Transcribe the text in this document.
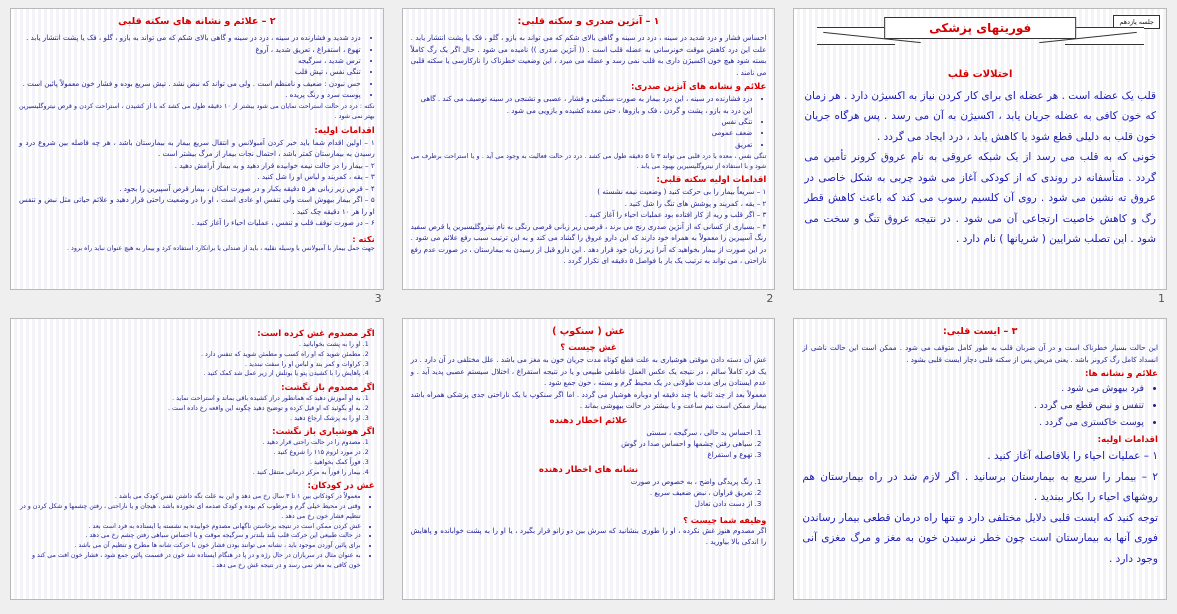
جلسه یازدهم
فوریتهای پزشکی
اختلالات قلب

قلب یک عضله است . هر عضله ای برای کار کردن نیاز به اکسیژن دارد . هر زمان که خون کافی به عضله جریان یابد ، اکسیژن به آن می رسد . پس هرگاه جریان خون قلب به دلیلی قطع شود یا کاهش یابد ، درد ایجاد می گردد .

خونی که به قلب می رسد از یک شبکه عروقی به نام عروق کرونر تأمین می گردد . متأسفانه در روندی که از کودکی آغاز می شود چربی به شکل خاصی در عروق ته نشین می شود . روی آن کلسیم رسوب می کند که باعث کاهش قطر رگ و کاهش خاصیت ارتجاعی آن می شود . در نتیجه عروق تنگ و سخت می شود . این تصلب شرایین ( شریانها ) نام دارد .

1
۱ – آنژین صدری و سکته قلبی:

احساس فشار و درد شدید در سینه ، درد در سینه و گاهی بالای شکم که می تواند به بازو ، گلو ، فک یا پشت انتشار یابد . علت این درد کاهش موقت خونرسانی به عضله قلب است . (( آنژین صدری )) نامیده می شود . حال اگر یک رگ کاملاً بسته شود هیچ خون اکسیژن داری به قلب نمی رسد و عضله می میرد ، این وضعیت خطرناک را نارکارسی یا سکته قلبی می نامند .

علائم و نشانه های آنژین صدری:
• درد فشارنده در سینه ، این درد بیمار به صورت سنگینی و فشار ، عصبی و تشنجی در سینه توصیف می کند . گاهی این درد به بازو ، پشت و گردن ، فک و بازوها ، حتی معده کشیده و بازویی می شود .
• تنگی نفس
• ضعف عمومی
• تعریق

تنگی نفس ، معده یا درد قلبی می تواند ۳ تا ۵ دقیقه طول می کشد . درد در حالت فعالیت به وجود می آید . و با استراحت برطرف می شود و با استفاده از نیتروگلیسیرین بهبود می یابد .

اقدامات اولیه سکته قلبی:

۱ – سریعاً بیمار را بی حرکت کنید ( وضعیت نیمه نشسته )

۲ – یقه ، کمربند و پوشش های تنگ را شل کنید .

۳ – اگر قلب و ریه از کار افتاده بود عملیات احیاء را آغاز کنید .

۴ – بسیاری از کسانی که از آنژین صدری رنج می برند ، قرصی زیر زبانی قرصی رنگی به نام نیتروگلیسیرین یا قرص سفید رنگ آسپیرین را معمولاً به همراه خود دارند که این دارو عروق را گشاد می کند و به این ترتیب سبب رفع علائم می شود . در این صورت از بیمار بخواهید که آنرا زیر زبان خود قرار دهد . این دارو قبل از رسیدن به بیمارستان ، در صورت عدم رفع ناراحتی ، می تواند به ترتیب یک بار با فواصل ۵ دقیقه ای تکرار گردد .

2
۲ – علائم و نشانه های سکته قلبی
• درد شدید و فشارنده در سینه ، درد در سینه و گاهی بالای شکم که می تواند به بازو ، گلو ، فک یا پشت انتشار یابد .
• تهوع ، استفراغ ، تعریق شدید ، آروغ
• ترس شدید ، سرگیجه
• تنگی نفس ، تپش قلب
• حس نبودن : ضعیف و نامنظم است . ولی می تواند که نبض نشد . تپش سریع بوده و فشار خون معمولاً پائین است .
• پوست سرد و رنگ پریده .

نکته : درد در حالت استراحت نمایان می شود بیشتر از ۱۰ دقیقه طول می کشد که با از کشیدن ، استراحت کردن و قرص نیتروگلیسیرین بهتر نمی شود .

اقدامات اولیه:

۱ – اولین اقدام شما باید خبر کردن آمبولانس و انتقال سریع بیمار به بیمارستان باشد ، هر چه فاصله بین شروع درد و رسیدن به بیمارستان کمتر باشد ، احتمال نجات بیمار از مرگ بیشتر است .

۲ – بیمار را در حالت نیمه خوابیده قرار دهید و به بیمار آرامش دهید .

۳ – یقه ، کمربند و لباس او را شل کنید .

۴ – قرص زیر زبانی هر ۵ دقیقه یکبار و در صورت امکان ، بیمار قرص آسپیرین را بجود .

۵ – اگر بیمار بیهوش است ولی تنفس او عادی است ، او را در وضعیت راحتی قرار دهید و علائم حیاتی مثل نبض و تنفس او را هر ۱۰ دقیقه چک کنید .

۶ – در صورت توقف قلب و تنفس ، عملیات احیاء را آغاز کنید .

نکته :

جهت حمل بیمار با آمبولانس با وسیله نقلیه ، باید از صندلی یا برانکارد استفاده کرد و بیمار به هیچ عنوان نباید راه برود .

3
۳ – ایست قلبی:

این حالت بسیار خطرناک است و در آن ضربان قلب به طور کامل متوقف می شود . ممکن است این حالت ناشی از انسداد کامل رگ کرونر باشد . یعنی مریض پس از سکته قلبی دچار ایست قلبی بشود .

علائم و نشانه ها:
• فرد بیهوش می شود .
• تنفس و نبض قطع می گردد .
• پوست خاکستری می گردد .
اقدامات اولیه:

۱ – عملیات احیاء را بلافاصله آغاز کنید .

۲ – بیمار را سریع به بیمارستان برسانید . اگر لازم شد در راه بیمارستان هم روشهای احیاء را بکار ببندید .

توجه کنید که ایست قلبی دلایل مختلفی دارد و تنها راه درمان قطعی بیمار رساندن فوری آنها به بیمارستان است چون خطر نرسیدن خون به مغز و مرگ مغزی آنی وجود دارد .

غش ( سنکوپ )
غش چیست ؟

غش آن دسته دادن موقتی هوشیاری به علت قطع کوتاه مدت جریان خون به مغز می باشد . علل مختلفی در آن دارد . در یک فرد کاملاً سالم ، در نتیجه یک عکس العمل عاطفی طبیعی و یا در نتیجه استفراغ ، اختلال سیستم عصبی پدید آید . و عدم ایستادن برای مدت طولانی در یک محیط گرم و بسته ، خون جمع شود .

معمولاً بعد از چند ثانیه یا چند دقیقه او دوباره هوشیار می گردد . اما اگر سنکوپ با یک ناراحتی جدی پزشکی همراه باشد بیمار ممکن است نیم ساعت و یا بیشتر در حالت بیهوشی بماند .

علائم اخطار دهنده
1. احساس بد حالی ، سرگیجه ، سستی
2. سیاهی رفتن چشمها و احساس صدا در گوش
3. تهوع و استفراغ
نشانه های اخطار دهنده
1. رنگ پریدگی واضح ، به خصوص در صورت
2. تعریق فراوان ، نبض ضعیف سریع .
3. از دست دادن تعادل
وظیفه شما چیست ؟

اگر مصدوم هنوز غش نکرده ، او را طوری بنشانید که سرش بین دو زانو قرار بگیرد ، یا او را به پشت خوابانده و پاهایش را اندکی بالا بیاورید .

اگر مصدوم غش کرده است:
1. او را به پشت بخوابانید .
2. مطمئن شوید که او راه کسب و مطمئن شوید که تنفس دارد .
3. کراوات و کمر بند و لباس او را سفت نبندید .
4. پاهایش را با کشیدن پتو یا بوتلش از زیر عمل شد کمک کنید .
اگر مصدوم باز نگشت:
1. به او آموزش دهید که همانطور دراز کشیده باقی بماند و استراحت نماید .
2. به او بگوئید که او قبل کرده و توضیح دهید چگونه این واقعه رخ داده است .
3. او را به پزشک ارجاع دهید .
اگر هوشیاری باز نگشت:
1. مصدوم را در حالت راحتی قرار دهید .
2. در مورد لزوم ۱۱۵ را شروع کنید .
3. فوراً کمک بخواهید .
4. بیمار را فوراً به مرکز درمانی منتقل کنید .
غش در کودکان:
• معمولاً در کودکانی بین ۱ تا ۳ سال رخ می دهد و این به علت نگه داشتن نفس کودک می باشد .
• وقتی در محیط خیلی گرم و مرطوب کم بوده و کودک صدمه ای نخورده باشد ، هیجان و یا ناراحتی ، رفتن چشمها و شکل کردن و در تنظیم فشار خون رخ می دهد .
• غش کردن ممکن است در نتیجه برخاستن ناگهانی مصدوم خوابیده به نشسته یا ایستاده به فرد است بعد .
• در حالت طبیعی این حرکت قلب بلند بلندتر و سرگیجه موقت و یا احساس سیاهی رفتن چشم رخ می دهد .
• برای پائین آوردن موجود باید ، نشانه می توانند بودن فشار خون با حرکت شانه ها مطرح و تنظیم آن می باشد .
• به عنوان مثال در سربازان در حال رژه و در پا در هنگام ایستاده شد خون در قسمت پائین جمع شود ، فشار خون افت می کند و خون کافی به مغز نمی رسد و در نتیجه غش رخ می دهد .
